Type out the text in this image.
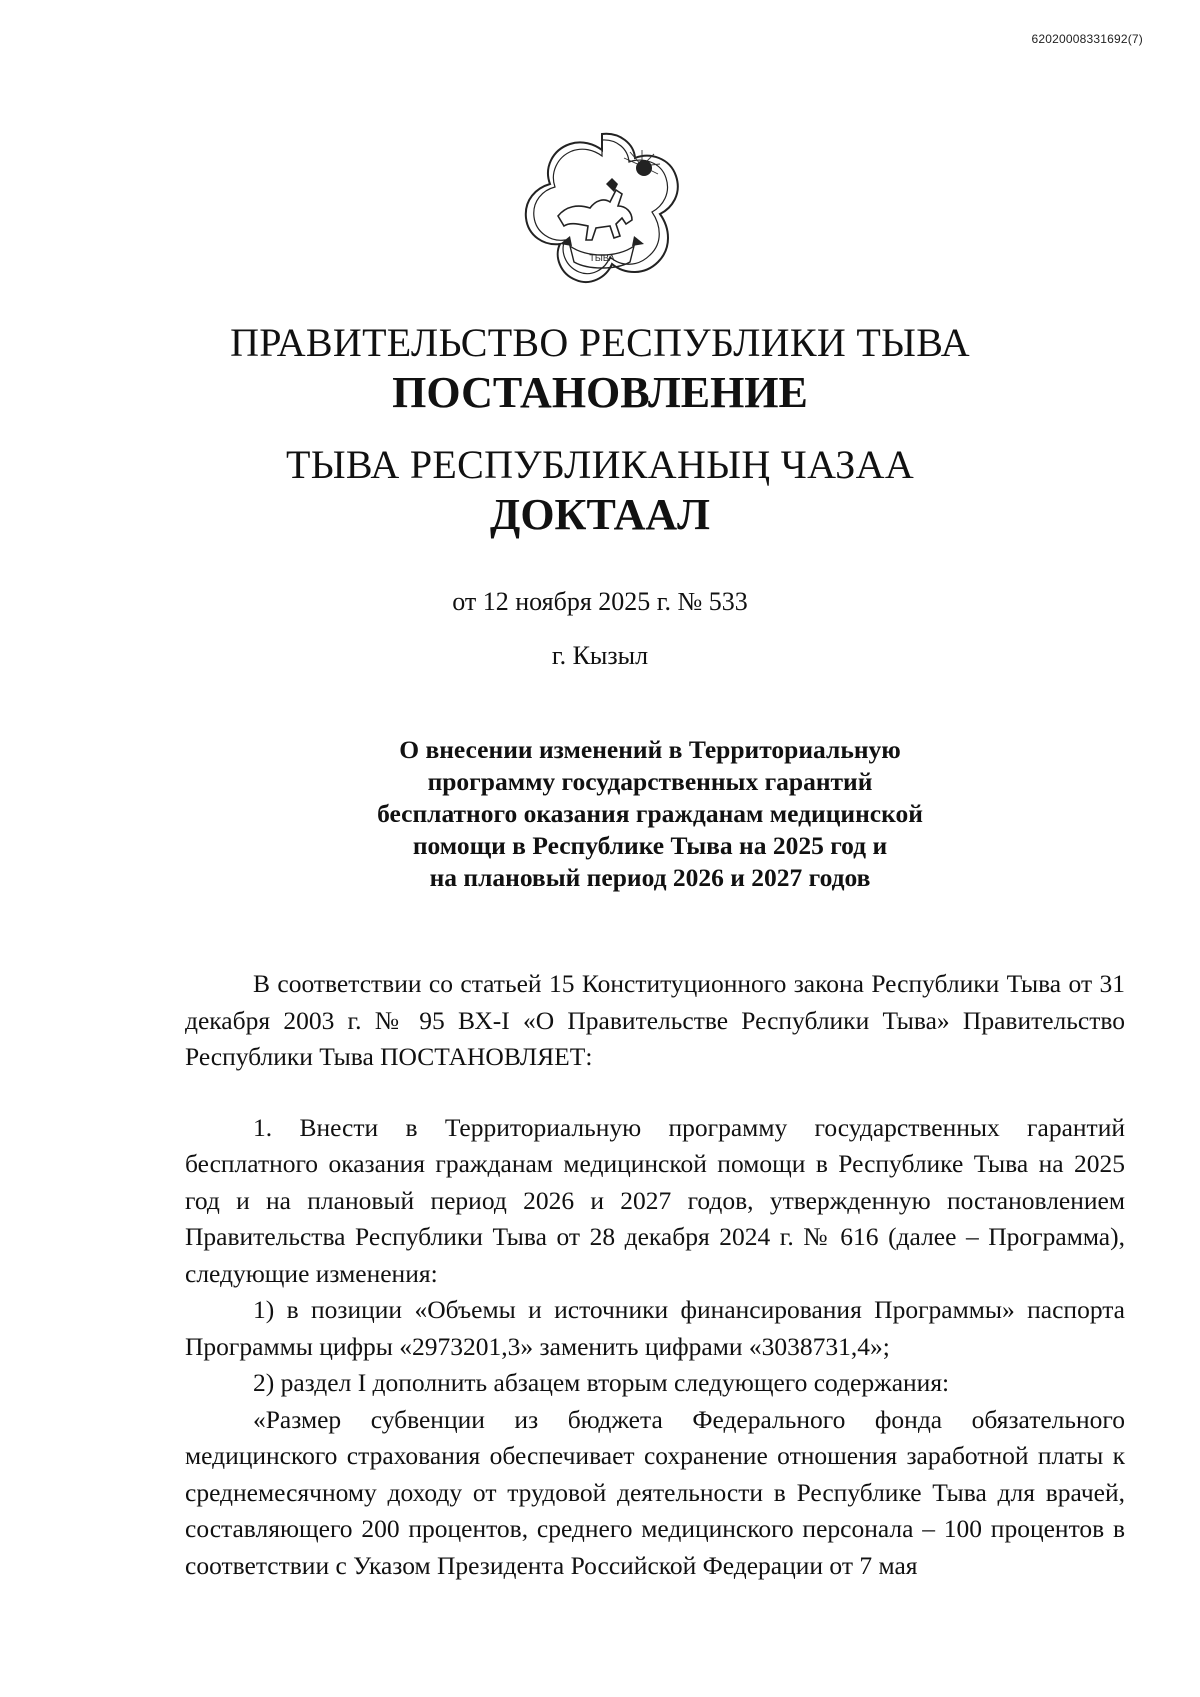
62020008331692(7)
ТЫВА
ПРАВИТЕЛЬСТВО РЕСПУБЛИКИ ТЫВА
ПОСТАНОВЛЕНИЕ
ТЫВА РЕСПУБЛИКАНЫҢ ЧАЗАА
ДОКТААЛ
от 12 ноября 2025 г. № 533
г. Кызыл
О внесении изменений в Территориальную
программу государственных гарантий
бесплатного оказания гражданам медицинской
помощи в Республике Тыва на 2025 год и
на плановый период 2026 и 2027 годов

В соответствии со статьей 15 Конституционного закона Республики Тыва от 31 декабря 2003 г. № 95 ВХ-I «О Правительстве Республики Тыва» Правительство Республики Тыва ПОСТАНОВЛЯЕТ:

1. Внести в Территориальную программу государственных гарантий бесплатного оказания гражданам медицинской помощи в Республике Тыва на 2025 год и на плановый период 2026 и 2027 годов, утвержденную постановлением Правительства Республики Тыва от 28 декабря 2024 г. № 616 (далее – Программа), следующие изменения:

1) в позиции «Объемы и источники финансирования Программы» паспорта Программы цифры «2973201,3» заменить цифрами «3038731,4»;

2) раздел I дополнить абзацем вторым следующего содержания:

«Размер субвенции из бюджета Федерального фонда обязательного медицинского страхования обеспечивает сохранение отношения заработной платы к среднемесячному доходу от трудовой деятельности в Республике Тыва для врачей, составляющего 200 процентов, среднего медицинского персонала – 100 процентов в соответствии с Указом Президента Российской Федерации от 7 мая
